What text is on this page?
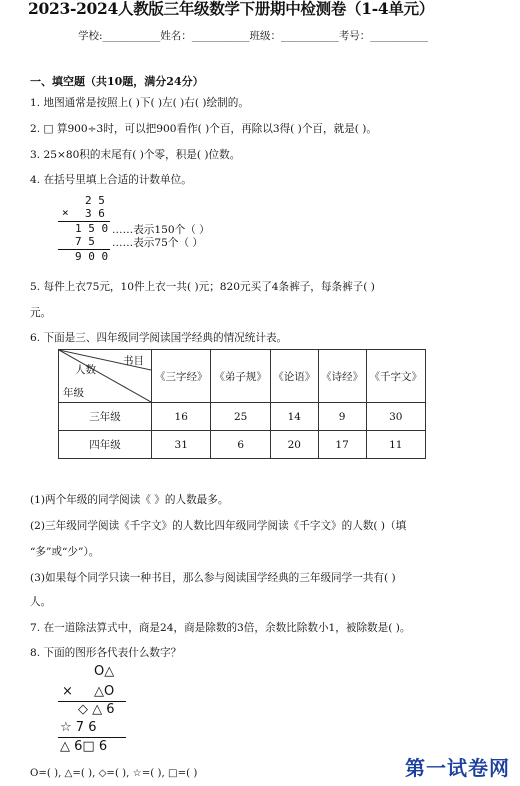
2023-2024人教版三年级数学下册期中检测卷（1-4单元）
学校:___________姓名：___________班级：___________考号：___________
一、填空题（共10题，满分24分）
1. 地图通常是按照上( )下( )左( )右( )绘制的。
2. □ 算900÷3时，可以把900看作( )个百，再除以3得( )个百，就是( )。
3. 25×80积的末尾有( )个零，积是( )位数。
4. 在括号里填上合适的计数单位。
2 5
× 3 6
1 5 0 ……表示150个（ ）
7 5 ……表示75个（ ）
9 0 0
5. 每件上衣75元，10件上衣一共( )元；820元买了4条裤子，每条裤子( )
元。
6. 下面是三、四年级同学阅读国学经典的情况统计表。
书目
人数
年级	《三字经》	《弟子规》	《论语》	《诗经》	《千字文》
三年级	16	25	14	9	30
四年级	31	6	20	17	11
(1)两个年级的同学阅读《 》的人数最多。
(2)三年级同学阅读《千字文》的人数比四年级同学阅读《千字文》的人数( )（填
“多”或“少”）。
(3)如果每个同学只读一种书目，那么参与阅读国学经典的三年级同学一共有( )
人。
7. 在一道除法算式中，商是24，商是除数的3倍，余数比除数小1，被除数是( )。
8. 下面的图形各代表什么数字？
O△
× △O
◇ △ 6
☆ 7 6
△ 6□ 6
O=( ), △=( ), ◇=( ), ☆=( ), □=( )	第一试卷网
